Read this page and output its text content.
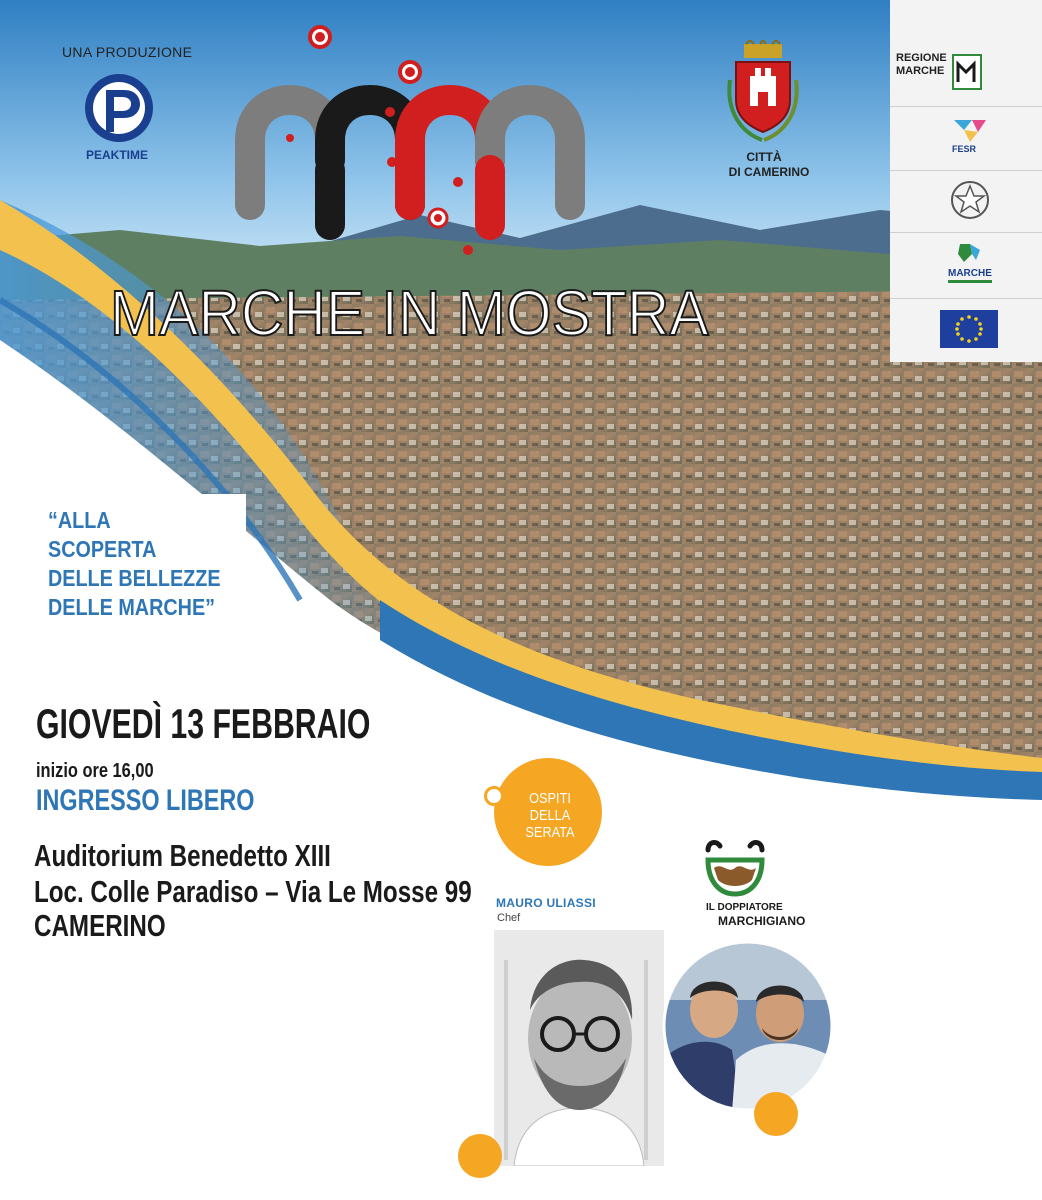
UNA PRODUZIONE
PEAKTIME
MARCHE IN MOSTRA
CITTÀ
DI CAMERINO
REGIONE
MARCHE
FESR
MARCHE
“ALLA
SCOPERTA
DELLE BELLEZZE
DELLE MARCHE”
GIOVEDÌ 13 FEBBRAIO
inizio ore 16,00
INGRESSO LIBERO
Auditorium Benedetto XIII
Loc. Colle Paradiso – Via Le Mosse 99
CAMERINO
OSPITI
DELLA
SERATA
IL DOPPIATORE
MARCHIGIANO
MAURO ULIASSI
Chef
